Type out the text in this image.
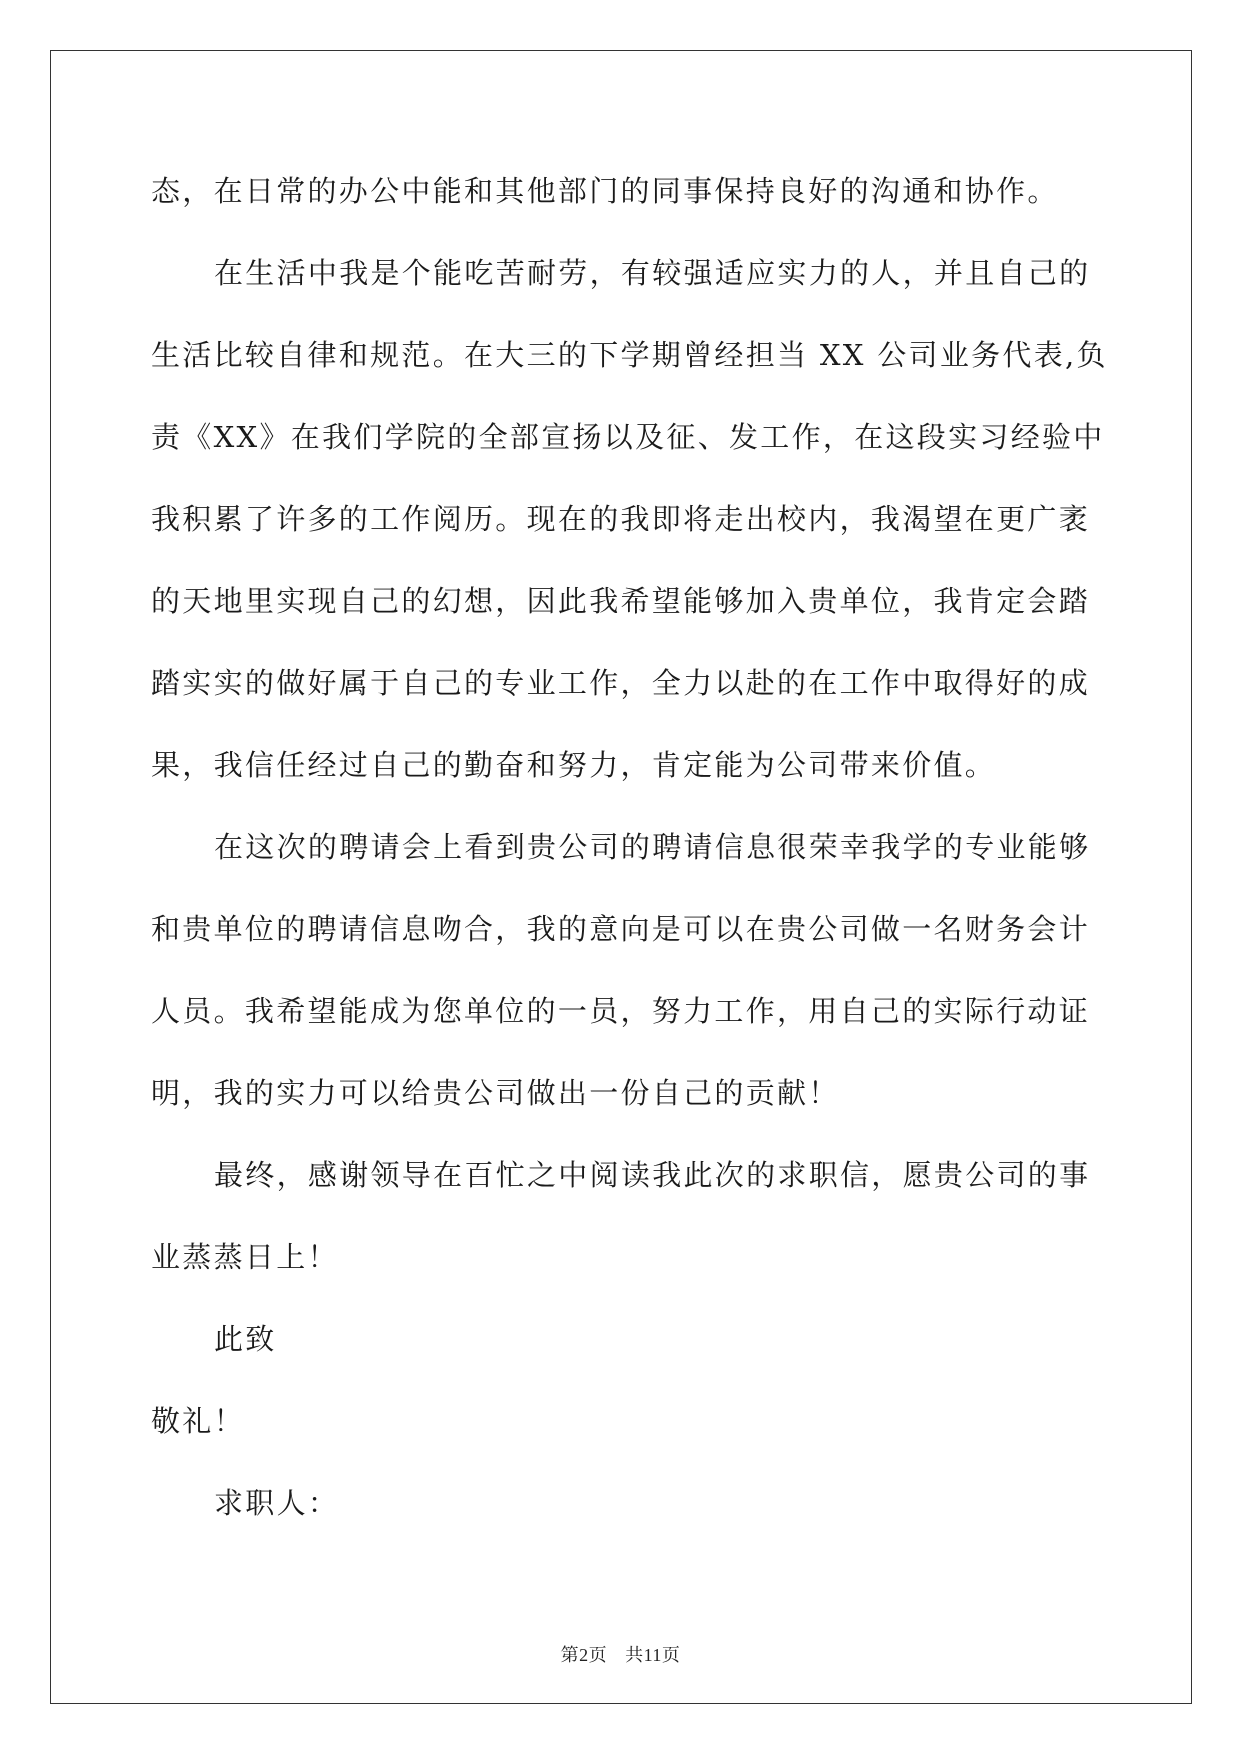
态，在日常的办公中能和其他部门的同事保持良好的沟通和协作。
在生活中我是个能吃苦耐劳，有较强适应实力的人，并且自己的
生活比较自律和规范。在大三的下学期曾经担当 XX 公司业务代表,负
责《XX》在我们学院的全部宣扬以及征、发工作，在这段实习经验中
我积累了许多的工作阅历。现在的我即将走出校内，我渴望在更广袤
的天地里实现自己的幻想，因此我希望能够加入贵单位，我肯定会踏
踏实实的做好属于自己的专业工作，全力以赴的在工作中取得好的成
果，我信任经过自己的勤奋和努力，肯定能为公司带来价值。
在这次的聘请会上看到贵公司的聘请信息很荣幸我学的专业能够
和贵单位的聘请信息吻合，我的意向是可以在贵公司做一名财务会计
人员。我希望能成为您单位的一员，努力工作，用自己的实际行动证
明，我的实力可以给贵公司做出一份自己的贡献！
最终，感谢领导在百忙之中阅读我此次的求职信，愿贵公司的事
业蒸蒸日上！
此致
敬礼！
求职人：
第2页 共11页
